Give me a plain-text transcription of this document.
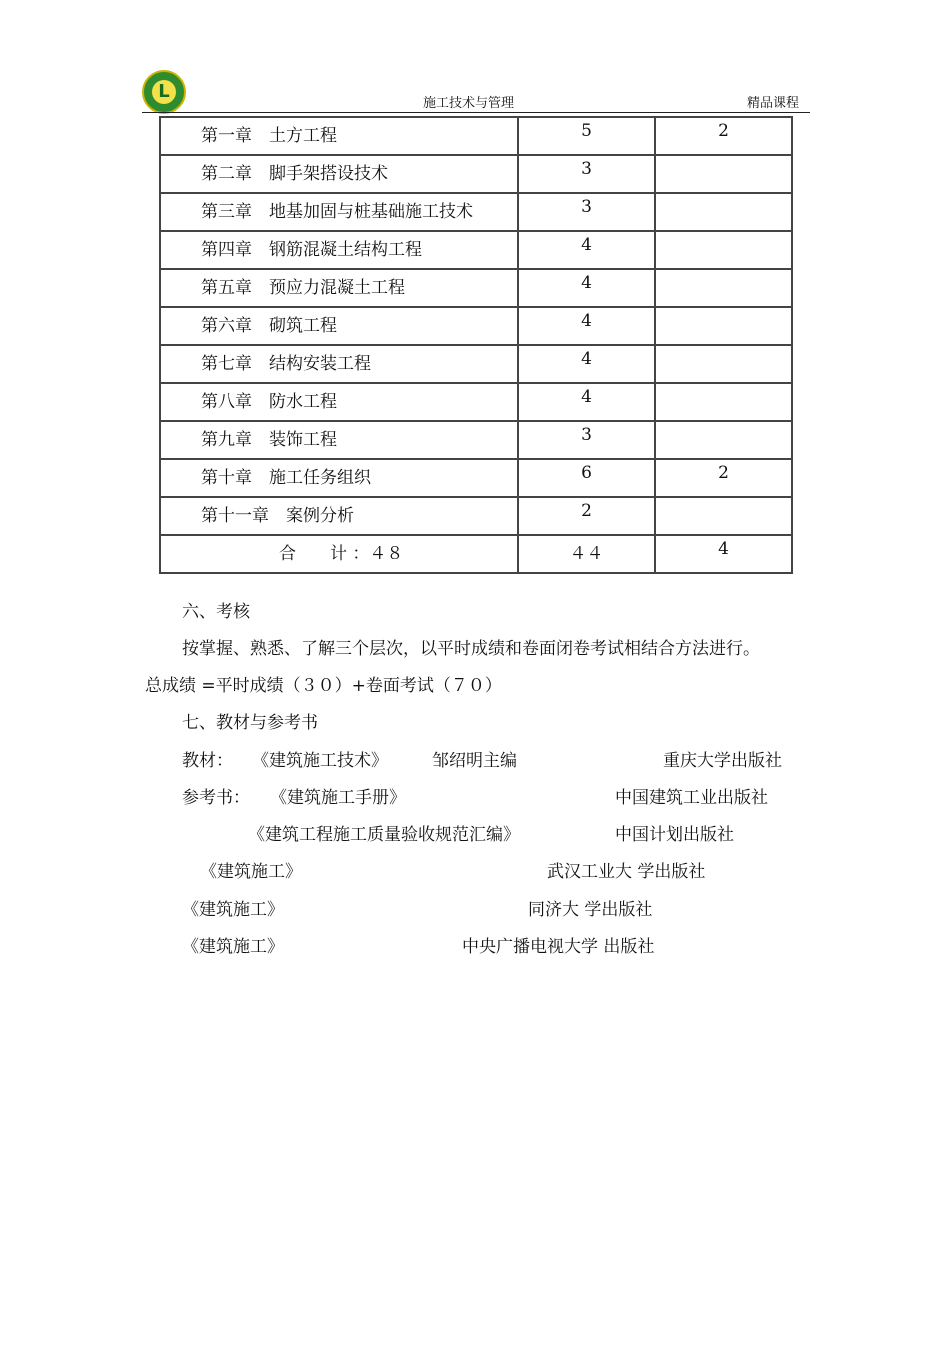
L
施工技术与管理	精品课程
第一章　土方工程	5	2

第二章　脚手架搭设技术	3	

第三章　地基加固与桩基础施工技术	3	

第四章　钢筋混凝土结构工程	4	

第五章　预应力混凝土工程	4	

第六章　砌筑工程	4	

第七章　结构安装工程	4	

第八章　防水工程	4	

第九章　装饰工程	3	

第十章　施工任务组织	6	2

第十一章　案例分析	2	

合　　计 ：４８	４４	4
六、考核
按掌握、熟悉、了解三个层次，以平时成绩和卷面闭卷考试相结合方法进行。
总成绩 =平时成绩（３０）+卷面考试（７０）
七、教材与参考书
教材： 《建筑施工技术》	邹绍明主编	重庆大学出版社
参考书： 《建筑施工手册》	中国建筑工业出版社
《建筑工程施工质量验收规范汇编》	中国计划出版社
《建筑施工》	武汉工业大 学出版社
《建筑施工》	同济大 学出版社
《建筑施工》	中央广播电视大学 出版社
